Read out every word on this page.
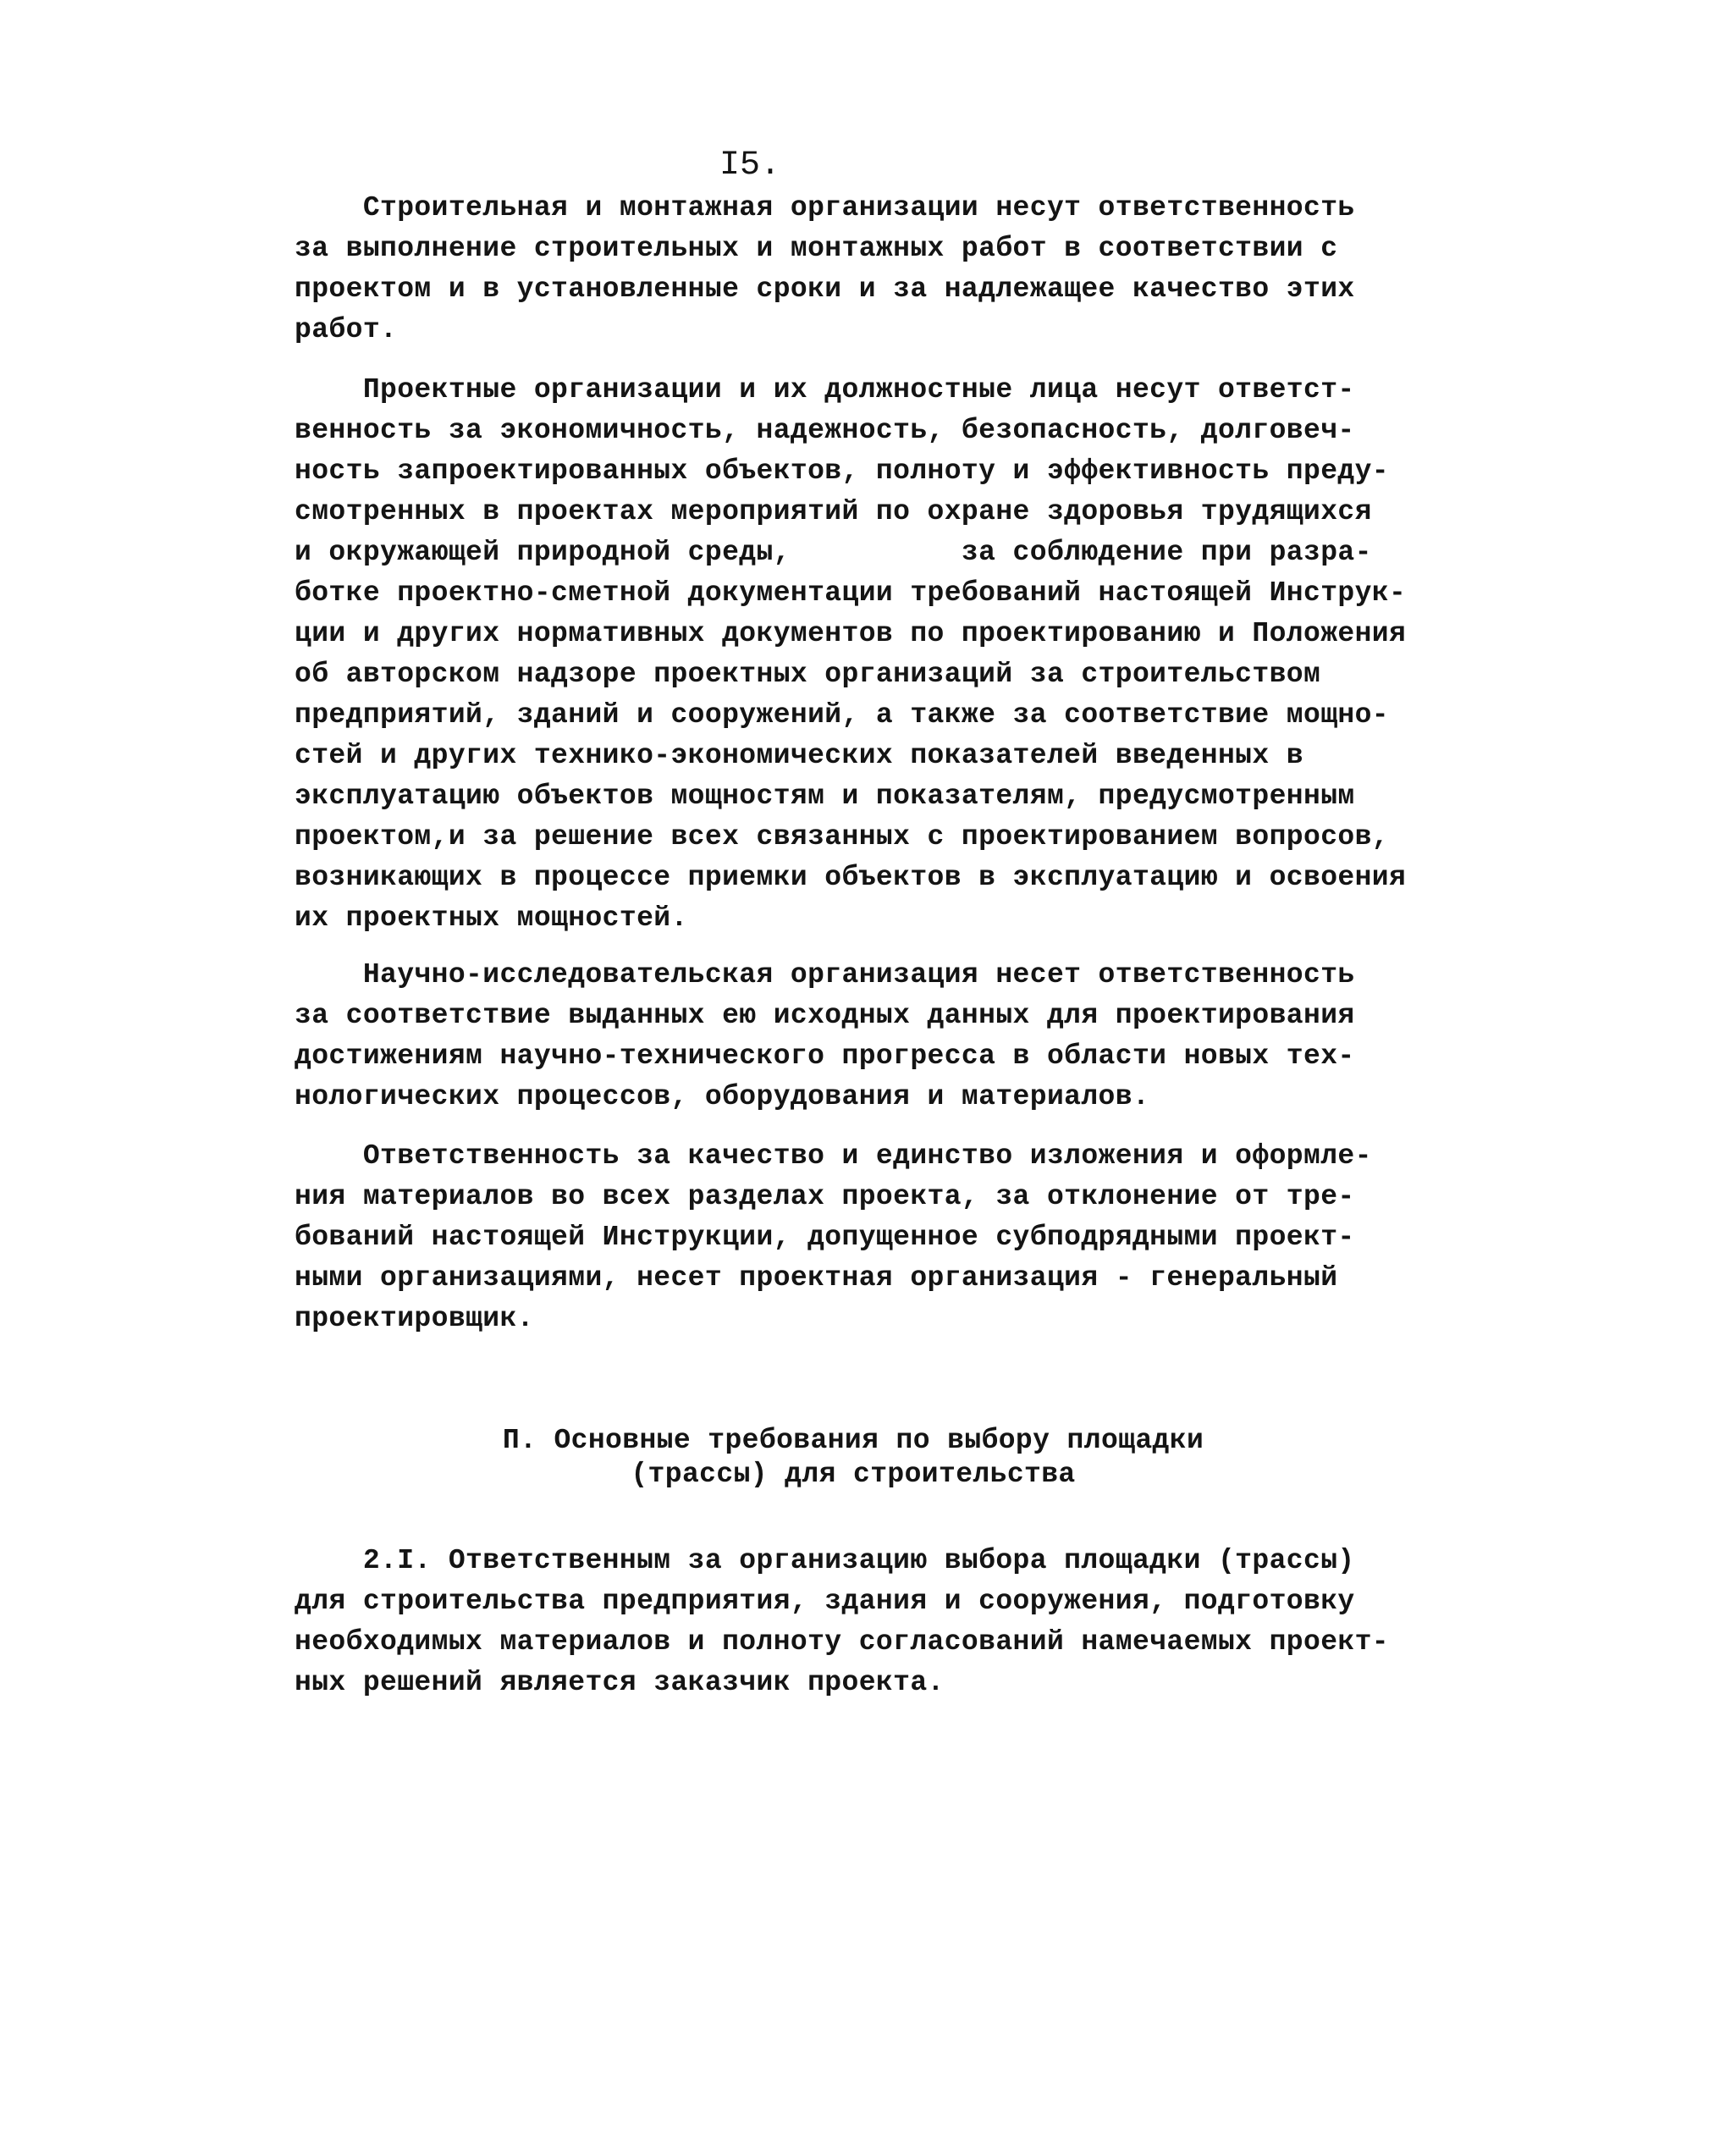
I5.
Строительная и монтажная организации несут ответственность
за выполнение строительных и монтажных работ в соответствии с
проектом и в установленные сроки и за надлежащее качество этих
работ.
Проектные организации и их должностные лица несут ответст-
венность за экономичность, надежность, безопасность, долговеч-
ность запроектированных объектов, полноту и эффективность преду-
смотренных в проектах мероприятий по охране здоровья трудящихся
и окружающей природной среды,          за соблюдение при разра-
ботке проектно-сметной документации требований настоящей Инструк-
ции и других нормативных документов по проектированию и Положения
об авторском надзоре проектных организаций за строительством
предприятий, зданий и сооружений, а также за соответствие мощно-
стей и других технико-экономических показателей введенных в
эксплуатацию объектов мощностям и показателям, предусмотренным
проектом,и за решение всех связанных с проектированием вопросов,
возникающих в процессе приемки объектов в эксплуатацию и освоения
их проектных мощностей.
Научно-исследовательская организация несет ответственность
за соответствие выданных ею исходных данных для проектирования
достижениям научно-технического прогресса в области новых тех-
нологических процессов, оборудования и материалов.
Ответственность за качество и единство изложения и оформле-
ния материалов во всех разделах проекта, за отклонение от тре-
бований настоящей Инструкции, допущенное субподрядными проект-
ными организациями, несет проектная организация - генеральный
проектировщик.
П. Основные требования по выбору площадки
(трассы) для строительства
2.I. Ответственным за организацию выбора площадки (трассы)
для строительства предприятия, здания и сооружения, подготовку
необходимых материалов и полноту согласований намечаемых проект-
ных решений является заказчик проекта.
